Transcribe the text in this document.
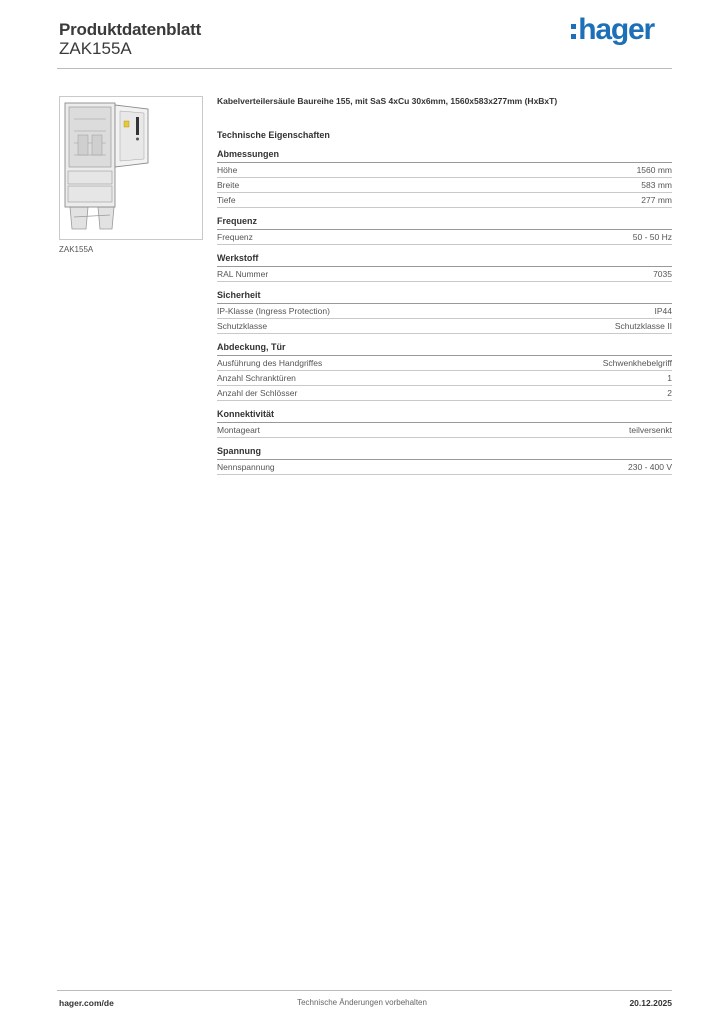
Produktdatenblatt
ZAK155A
hager
ZAK155A
Kabelverteilersäule Baureihe 155, mit SaS 4xCu 30x6mm, 1560x583x277mm (HxBxT)
Technische Eigenschaften
Abmessungen
Höhe	1560 mm
Breite	583 mm
Tiefe	277 mm
Frequenz
Frequenz	50 - 50 Hz
Werkstoff
RAL Nummer	7035
Sicherheit
IP-Klasse (Ingress Protection)	IP44
Schutzklasse	Schutzklasse II
Abdeckung, Tür
Ausführung des Handgriffes	Schwenkhebelgriff
Anzahl Schranktüren	1
Anzahl der Schlösser	2
Konnektivität
Montageart	teilversenkt
Spannung
Nennspannung	230 - 400 V
hager.com/de	Technische Änderungen vorbehalten	20.12.2025
